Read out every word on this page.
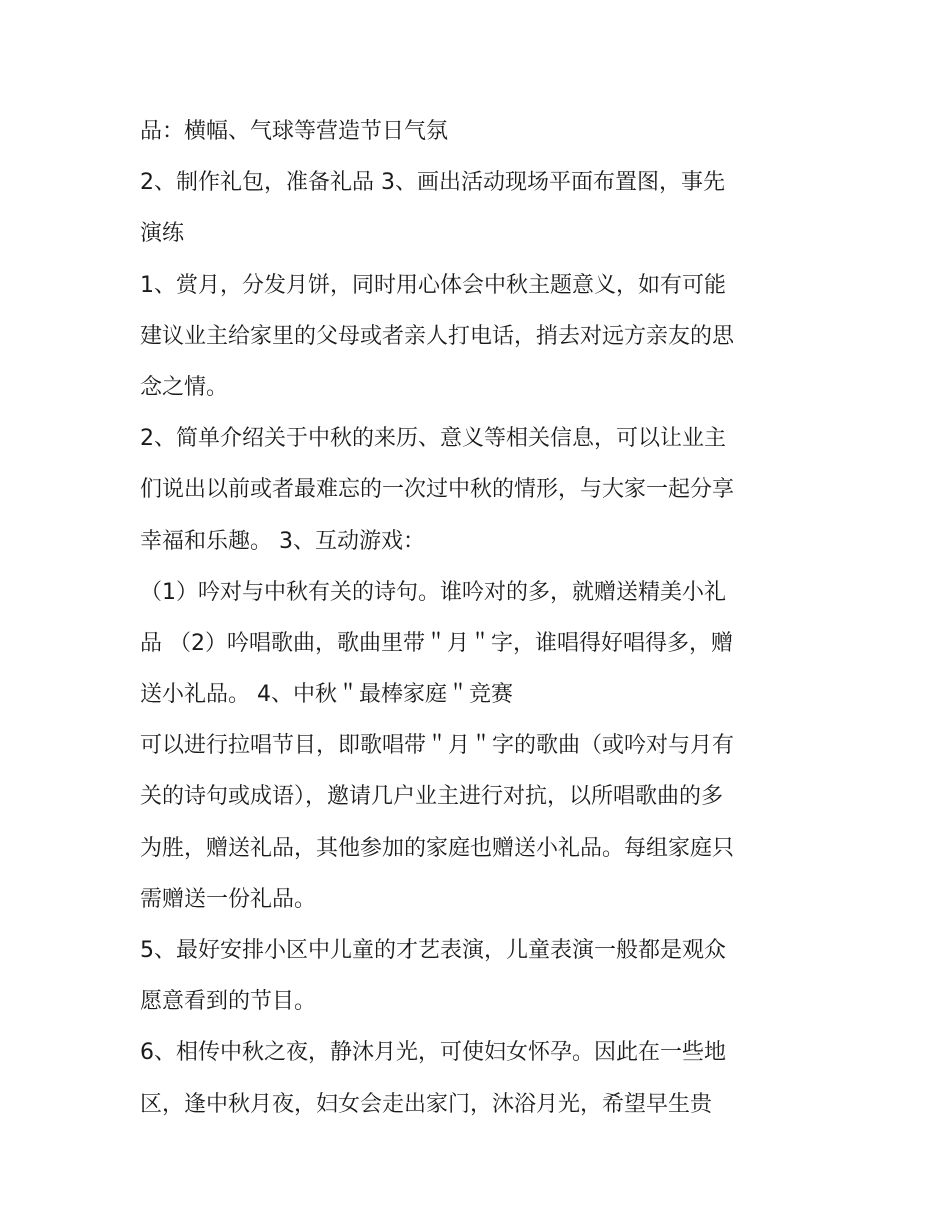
品：横幅、气球等营造节日气氛
2、制作礼包，准备礼品 3、画出活动现场平面布置图，事先
演练
1、赏月，分发月饼，同时用心体会中秋主题意义，如有可能
建议业主给家里的父母或者亲人打电话，捎去对远方亲友的思
念之情。
2、简单介绍关于中秋的来历、意义等相关信息，可以让业主
们说出以前或者最难忘的一次过中秋的情形，与大家一起分享
幸福和乐趣。 3、互动游戏：
（1）吟对与中秋有关的诗句。谁吟对的多，就赠送精美小礼
品 （2）吟唱歌曲，歌曲里带＂月＂字，谁唱得好唱得多，赠
送小礼品。 4、中秋＂最棒家庭＂竞赛
可以进行拉唱节目，即歌唱带＂月＂字的歌曲（或吟对与月有
关的诗句或成语），邀请几户业主进行对抗，以所唱歌曲的多
为胜，赠送礼品，其他参加的家庭也赠送小礼品。每组家庭只
需赠送一份礼品。
5、最好安排小区中儿童的才艺表演，儿童表演一般都是观众
愿意看到的节目。
6、相传中秋之夜，静沐月光，可使妇女怀孕。因此在一些地
区，逢中秋月夜，妇女会走出家门，沐浴月光，希望早生贵
